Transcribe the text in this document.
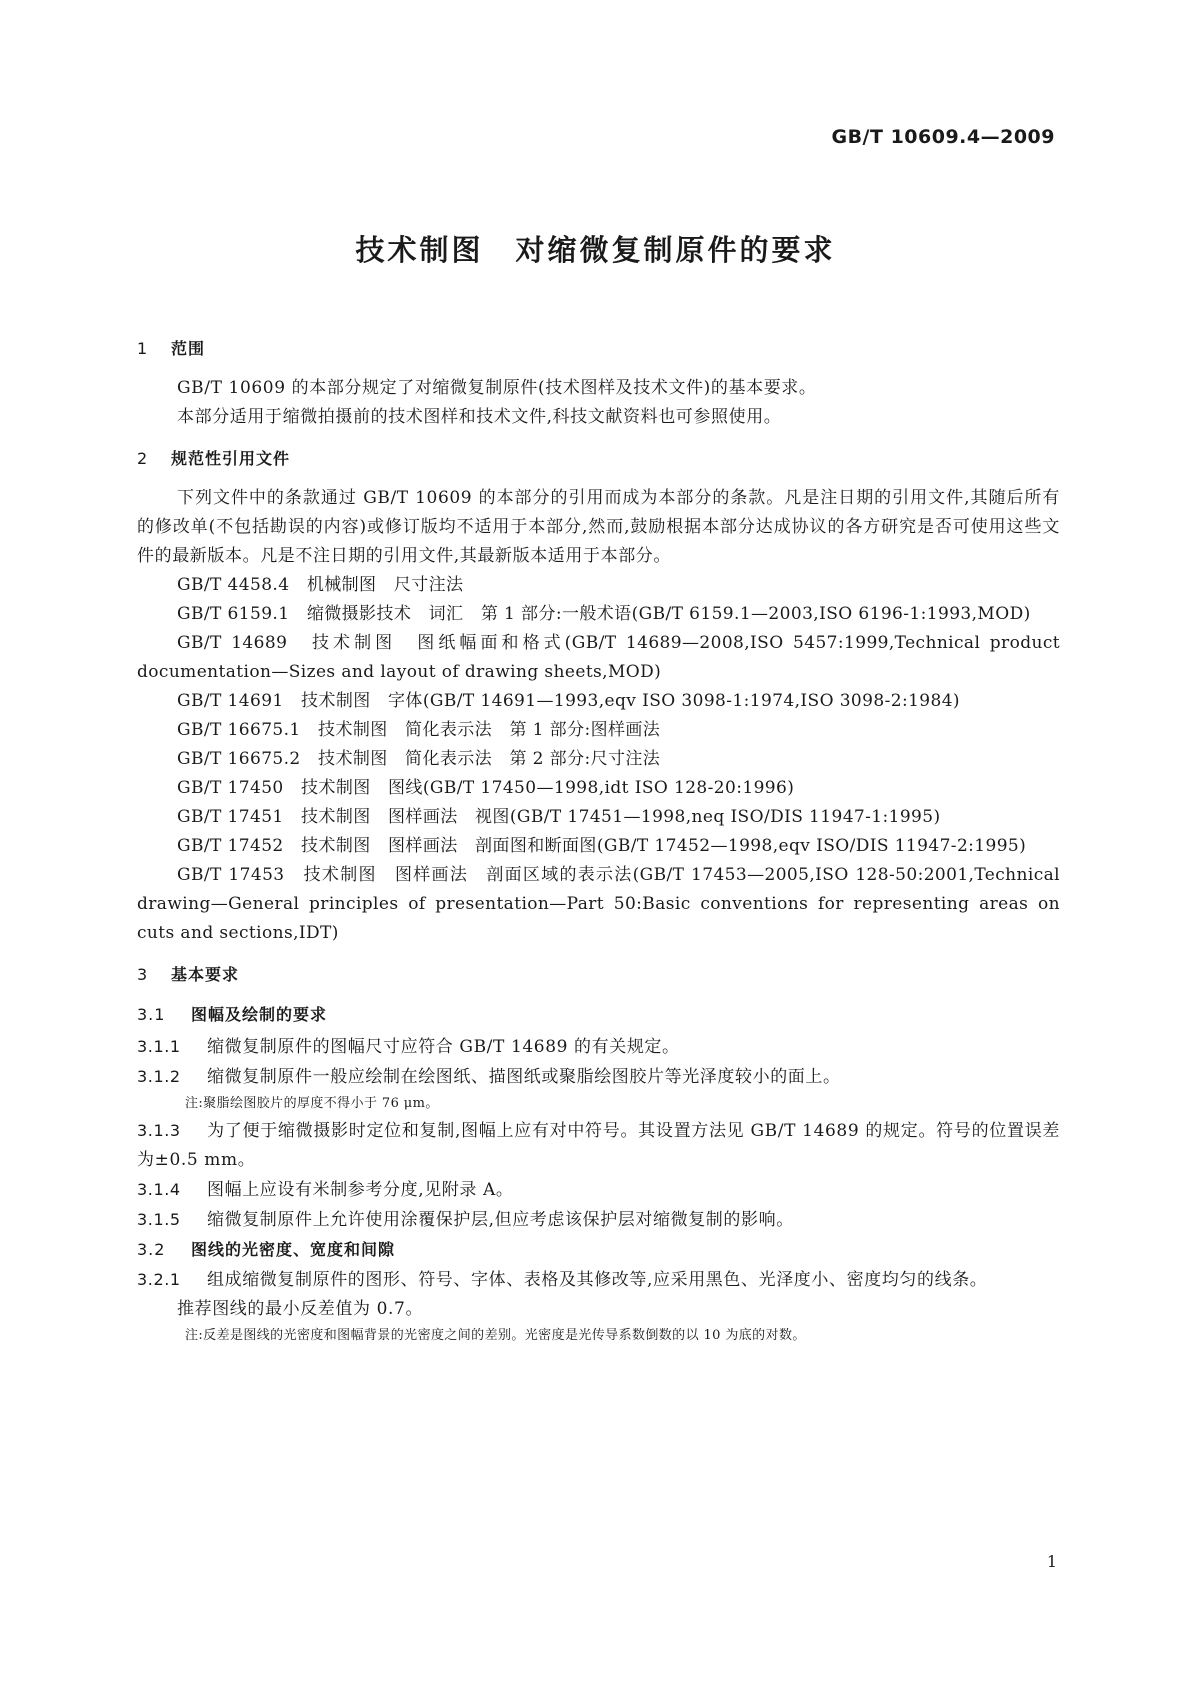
GB/T 10609.4—2009
技术制图　对缩微复制原件的要求
1 范围

GB/T 10609 的本部分规定了对缩微复制原件(技术图样及技术文件)的基本要求。

本部分适用于缩微拍摄前的技术图样和技术文件,科技文献资料也可参照使用。

2 规范性引用文件

下列文件中的条款通过 GB/T 10609 的本部分的引用而成为本部分的条款。凡是注日期的引用文件,其随后所有的修改单(不包括勘误的内容)或修订版均不适用于本部分,然而,鼓励根据本部分达成协议的各方研究是否可使用这些文件的最新版本。凡是不注日期的引用文件,其最新版本适用于本部分。

GB/T 4458.4　机械制图　尺寸注法

GB/T 6159.1　缩微摄影技术　词汇　第 1 部分:一般术语(GB/T 6159.1—2003,ISO 6196-1:1993,MOD)

GB/T 14689　技术制图　图纸幅面和格式(GB/T 14689—2008,ISO 5457:1999,Technical product documentation—Sizes and layout of drawing sheets,MOD)

GB/T 14691　技术制图　字体(GB/T 14691—1993,eqv ISO 3098-1:1974,ISO 3098-2:1984)

GB/T 16675.1　技术制图　简化表示法　第 1 部分:图样画法

GB/T 16675.2　技术制图　简化表示法　第 2 部分:尺寸注法

GB/T 17450　技术制图　图线(GB/T 17450—1998,idt ISO 128-20:1996)

GB/T 17451　技术制图　图样画法　视图(GB/T 17451—1998,neq ISO/DIS 11947-1:1995)

GB/T 17452　技术制图　图样画法　剖面图和断面图(GB/T 17452—1998,eqv ISO/DIS 11947-2:1995)

GB/T 17453　技术制图　图样画法　剖面区域的表示法(GB/T 17453—2005,ISO 128-50:2001,Technical drawing—General principles of presentation—Part 50:Basic conventions for representing areas on cuts and sections,IDT)

3 基本要求
3.1 图幅及绘制的要求

3.1.1 缩微复制原件的图幅尺寸应符合 GB/T 14689 的有关规定。

3.1.2 缩微复制原件一般应绘制在绘图纸、描图纸或聚脂绘图胶片等光泽度较小的面上。

注:聚脂绘图胶片的厚度不得小于 76 μm。

3.1.3 为了便于缩微摄影时定位和复制,图幅上应有对中符号。其设置方法见 GB/T 14689 的规定。符号的位置误差为±0.5 mm。

3.1.4 图幅上应设有米制参考分度,见附录 A。

3.1.5 缩微复制原件上允许使用涂覆保护层,但应考虑该保护层对缩微复制的影响。

3.2 图线的光密度、宽度和间隙

3.2.1 组成缩微复制原件的图形、符号、字体、表格及其修改等,应采用黑色、光泽度小、密度均匀的线条。

推荐图线的最小反差值为 0.7。

注:反差是图线的光密度和图幅背景的光密度之间的差别。光密度是光传导系数倒数的以 10 为底的对数。

1
